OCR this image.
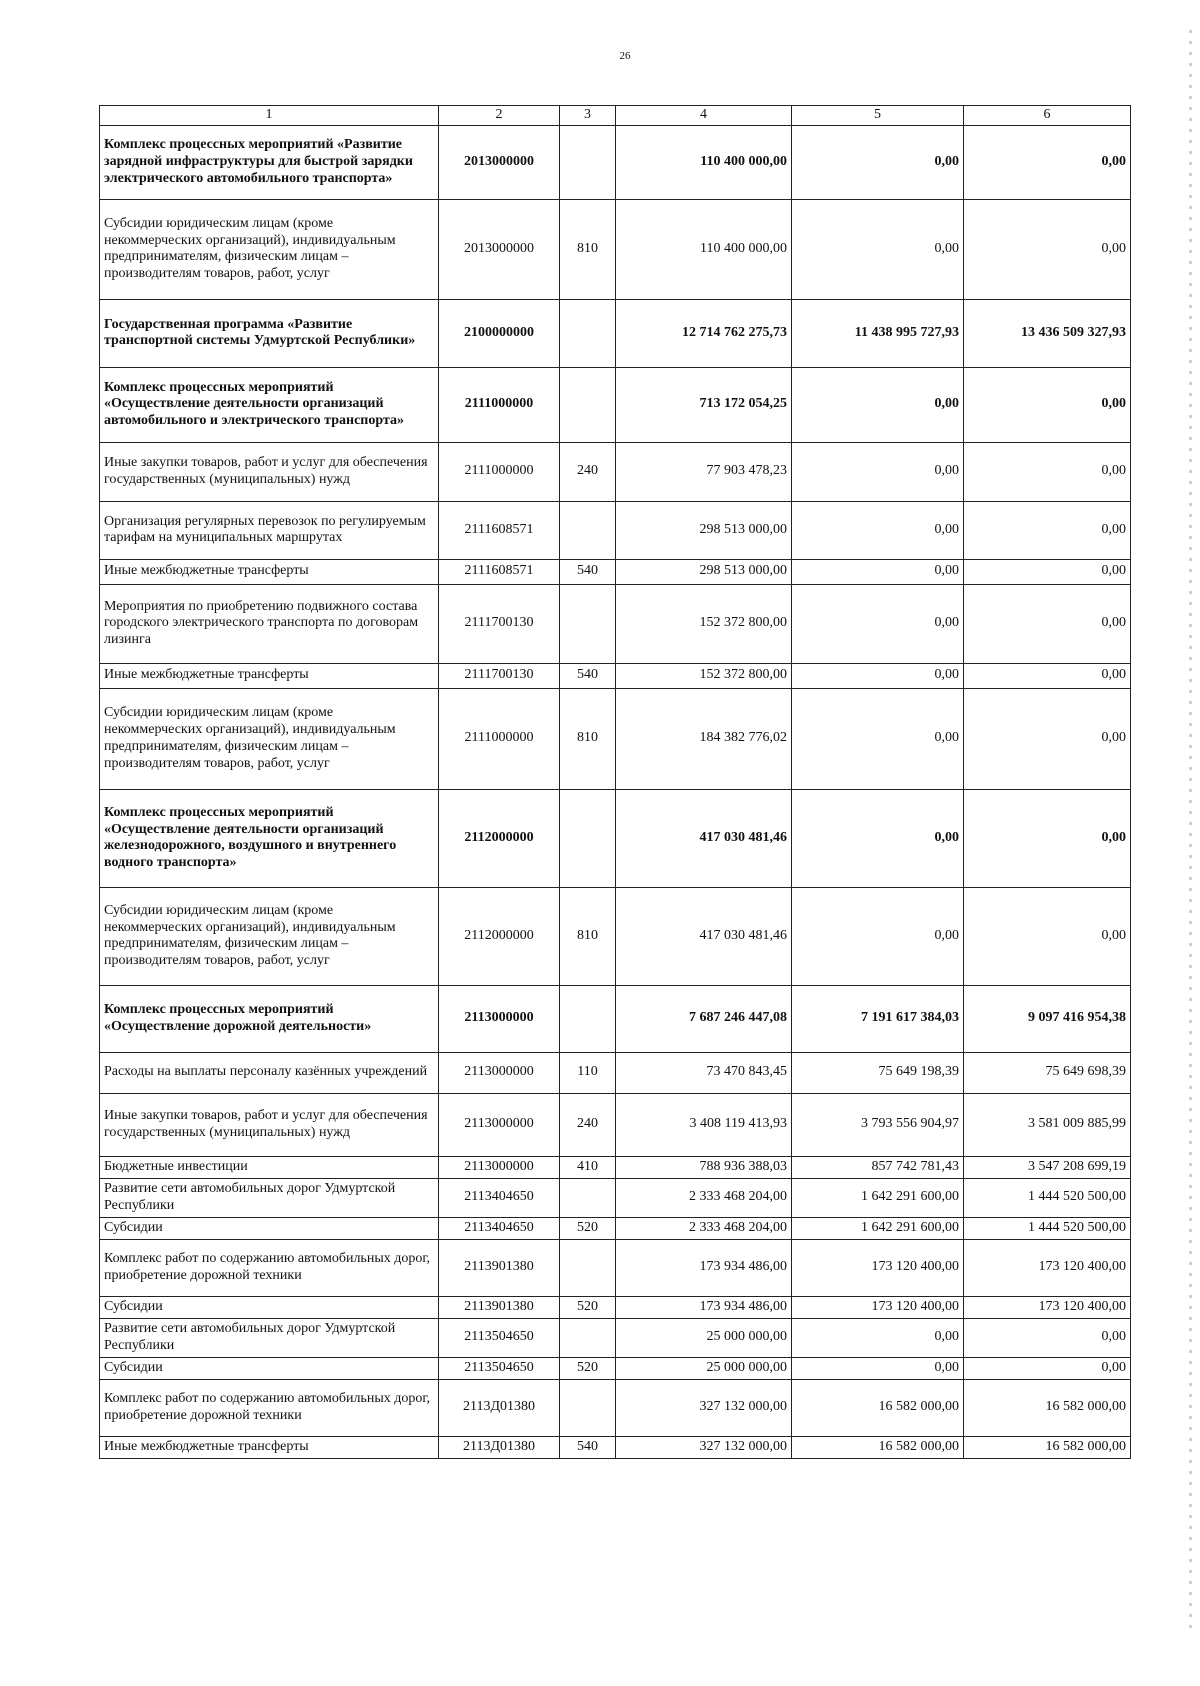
26
1	2	3	4	5	6
Комплекс процессных мероприятий «Развитие зарядной инфраструктуры для быстрой зарядки электрического автомобильного транспорта»	2013000000		110 400 000,00	0,00	0,00
Субсидии юридическим лицам (кроме некоммерческих организаций), индивидуальным предпринимателям, физическим лицам – производителям товаров, работ, услуг	2013000000	810	110 400 000,00	0,00	0,00
Государственная программа «Развитие транспортной системы Удмуртской Республики»	2100000000		12 714 762 275,73	11 438 995 727,93	13 436 509 327,93
Комплекс процессных мероприятий «Осуществление деятельности организаций автомобильного и электрического транспорта»	2111000000		713 172 054,25	0,00	0,00
Иные закупки товаров, работ и услуг для обеспечения государственных (муниципальных) нужд	2111000000	240	77 903 478,23	0,00	0,00
Организация регулярных перевозок по регулируемым тарифам на муниципальных маршрутах	2111608571		298 513 000,00	0,00	0,00
Иные межбюджетные трансферты	2111608571	540	298 513 000,00	0,00	0,00
Мероприятия по приобретению подвижного состава городского электрического транспорта по договорам лизинга	2111700130		152 372 800,00	0,00	0,00
Иные межбюджетные трансферты	2111700130	540	152 372 800,00	0,00	0,00
Субсидии юридическим лицам (кроме некоммерческих организаций), индивидуальным предпринимателям, физическим лицам – производителям товаров, работ, услуг	2111000000	810	184 382 776,02	0,00	0,00
Комплекс процессных мероприятий «Осуществление деятельности организаций железнодорожного, воздушного и внутреннего водного транспорта»	2112000000		417 030 481,46	0,00	0,00
Субсидии юридическим лицам (кроме некоммерческих организаций), индивидуальным предпринимателям, физическим лицам – производителям товаров, работ, услуг	2112000000	810	417 030 481,46	0,00	0,00
Комплекс процессных мероприятий «Осуществление дорожной деятельности»	2113000000		7 687 246 447,08	7 191 617 384,03	9 097 416 954,38
Расходы на выплаты персоналу казённых учреждений	2113000000	110	73 470 843,45	75 649 198,39	75 649 698,39
Иные закупки товаров, работ и услуг для обеспечения государственных (муниципальных) нужд	2113000000	240	3 408 119 413,93	3 793 556 904,97	3 581 009 885,99
Бюджетные инвестиции	2113000000	410	788 936 388,03	857 742 781,43	3 547 208 699,19
Развитие сети автомобильных дорог Удмуртской Республики	2113404650		2 333 468 204,00	1 642 291 600,00	1 444 520 500,00
Субсидии	2113404650	520	2 333 468 204,00	1 642 291 600,00	1 444 520 500,00
Комплекс работ по содержанию автомобильных дорог, приобретение дорожной техники	2113901380		173 934 486,00	173 120 400,00	173 120 400,00
Субсидии	2113901380	520	173 934 486,00	173 120 400,00	173 120 400,00
Развитие сети автомобильных дорог Удмуртской Республики	2113504650		25 000 000,00	0,00	0,00
Субсидии	2113504650	520	25 000 000,00	0,00	0,00
Комплекс работ по содержанию автомобильных дорог, приобретение дорожной техники	2113Д01380		327 132 000,00	16 582 000,00	16 582 000,00
Иные межбюджетные трансферты	2113Д01380	540	327 132 000,00	16 582 000,00	16 582 000,00
